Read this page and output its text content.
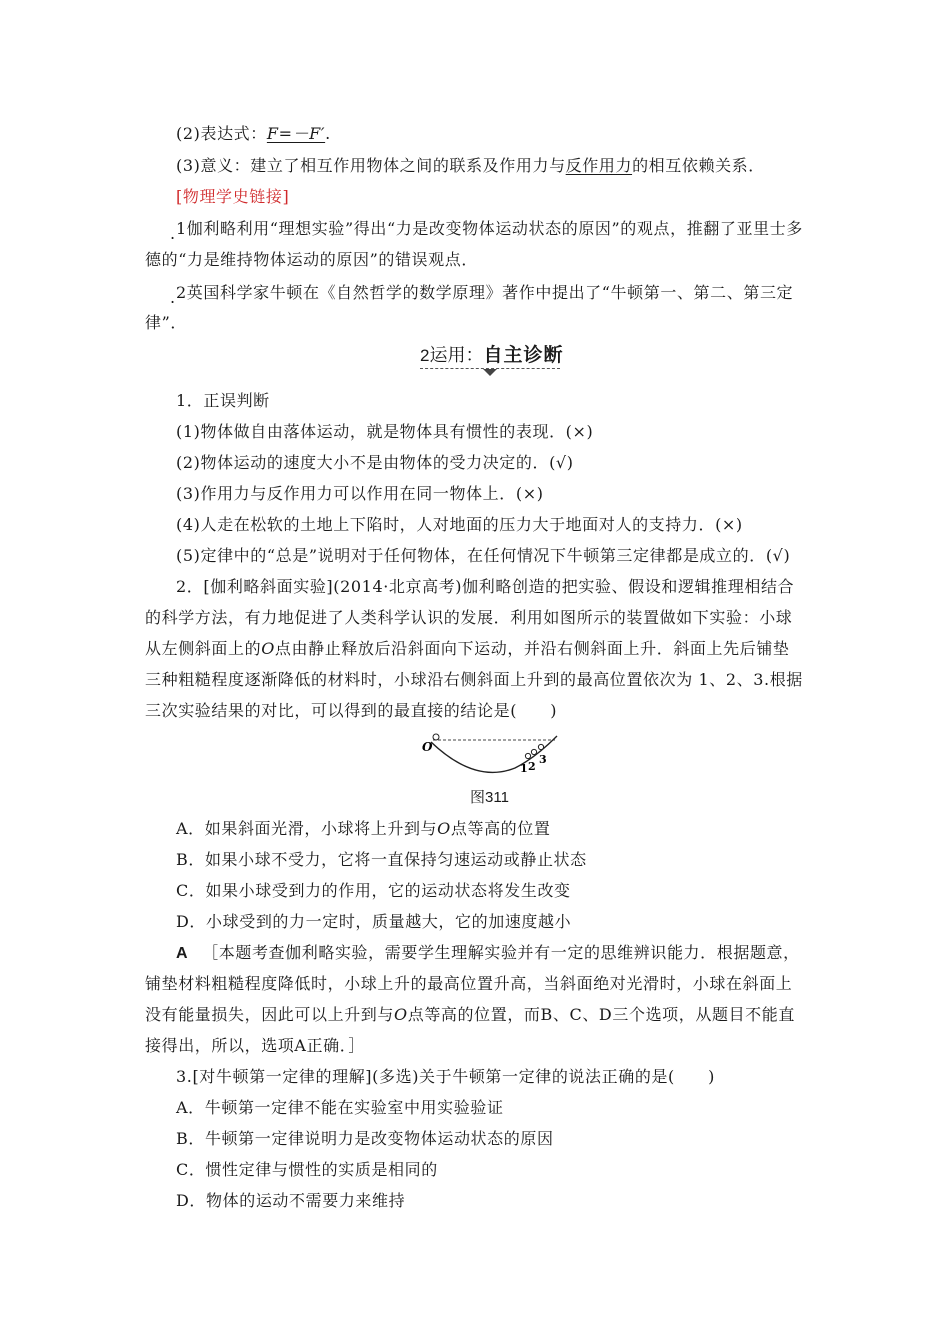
(2)表达式：F=－F′.
(3)意义：建立了相互作用物体之间的联系及作用力与反作用力的相互依赖关系．
[物理学史链接]
. 1伽利略利用“理想实验”得出“力是改变物体运动状态的原因”的观点，推翻了亚里士多
德的“力是维持物体运动的原因”的错误观点．
. 2英国科学家牛顿在《自然哲学的数学原理》著作中提出了“牛顿第一、第二、第三定
律”．
2运用：自主诊断
1．正误判断
(1)物体做自由落体运动，就是物体具有惯性的表现．(×)
(2)物体运动的速度大小不是由物体的受力决定的．(√)
(3)作用力与反作用力可以作用在同一物体上．(×)
(4)人走在松软的土地上下陷时，人对地面的压力大于地面对人的支持力．(×)
(5)定律中的“总是”说明对于任何物体，在任何情况下牛顿第三定律都是成立的．(√)
2．[伽利略斜面实验](2014·北京高考)伽利略创造的把实验、假设和逻辑推理相结合
的科学方法，有力地促进了人类科学认识的发展．利用如图所示的装置做如下实验：小球
从左侧斜面上的O点由静止释放后沿斜面向下运动，并沿右侧斜面上升．斜面上先后铺垫
三种粗糙程度逐渐降低的材料时，小球沿右侧斜面上升到的最高位置依次为 1、2、3.根据
三次实验结果的对比，可以得到的最直接的结论是(　　)
O
1 2
3
图311
A．如果斜面光滑，小球将上升到与O点等高的位置
B．如果小球不受力，它将一直保持匀速运动或静止状态
C．如果小球受到力的作用，它的运动状态将发生改变
D．小球受到的力一定时，质量越大，它的加速度越小
A ［本题考查伽利略实验，需要学生理解实验并有一定的思维辨识能力．根据题意，
铺垫材料粗糙程度降低时，小球上升的最高位置升高，当斜面绝对光滑时，小球在斜面上
没有能量损失，因此可以上升到与O点等高的位置，而B、C、D三个选项，从题目不能直
接得出，所以，选项A正确．］
3.[对牛顿第一定律的理解](多选)关于牛顿第一定律的说法正确的是(　　)
A．牛顿第一定律不能在实验室中用实验验证
B．牛顿第一定律说明力是改变物体运动状态的原因
C．惯性定律与惯性的实质是相同的
D．物体的运动不需要力来维持
